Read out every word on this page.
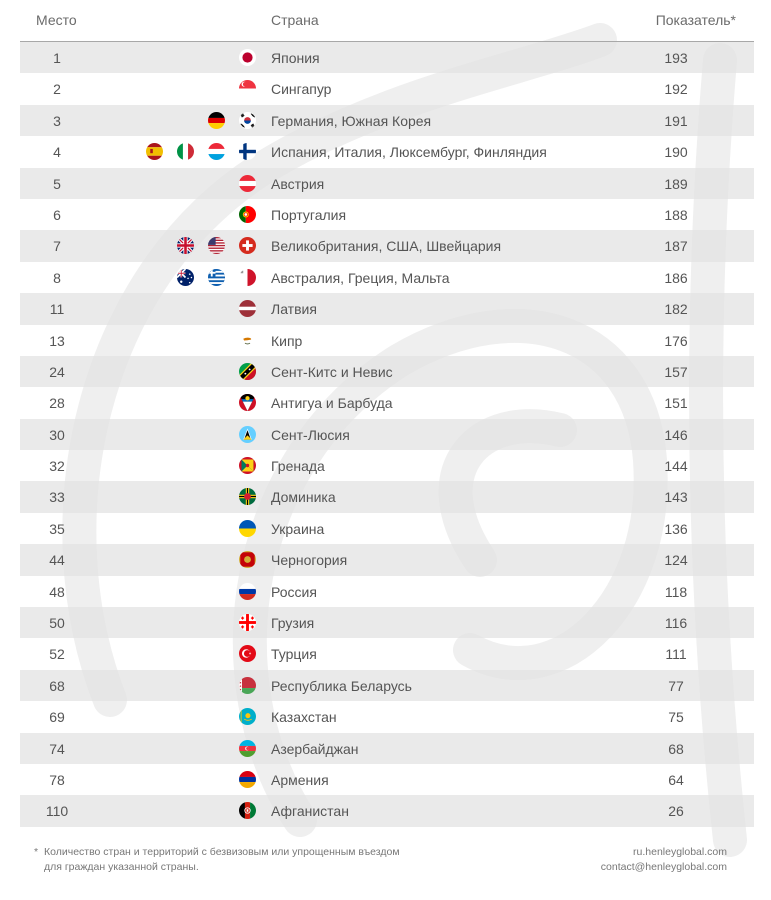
Место	Страна	Показатель*
1	Япония	193
2	Сингапур	192
3	Германия, Южная Корея	191
4	Испания, Италия, Люксембург, Финляндия	190
5	Австрия	189
6	Португалия	188
7	Великобритания, США, Швейцария	187
8	Австралия, Греция, Мальта	186
11	Латвия	182
13	Кипр	176
24	Сент-Китс и Невис	157
28	Антигуа и Барбуда	151
30	Сент-Люсия	146
32	Гренада	144
33	Доминика	143
35	Украина	136
44	Черногория	124
48	Россия	118
50	Грузия	116
52	Турция	111
68	Республика Беларусь	77
69	Казахстан	75
74	Азербайджан	68
78	Армения	64
110	Афганистан	26
* Количество стран и территорий с безвизовым или упрощенным въездом
для граждан указанной страны.
ru.henleyglobal.com
contact@henleyglobal.com
